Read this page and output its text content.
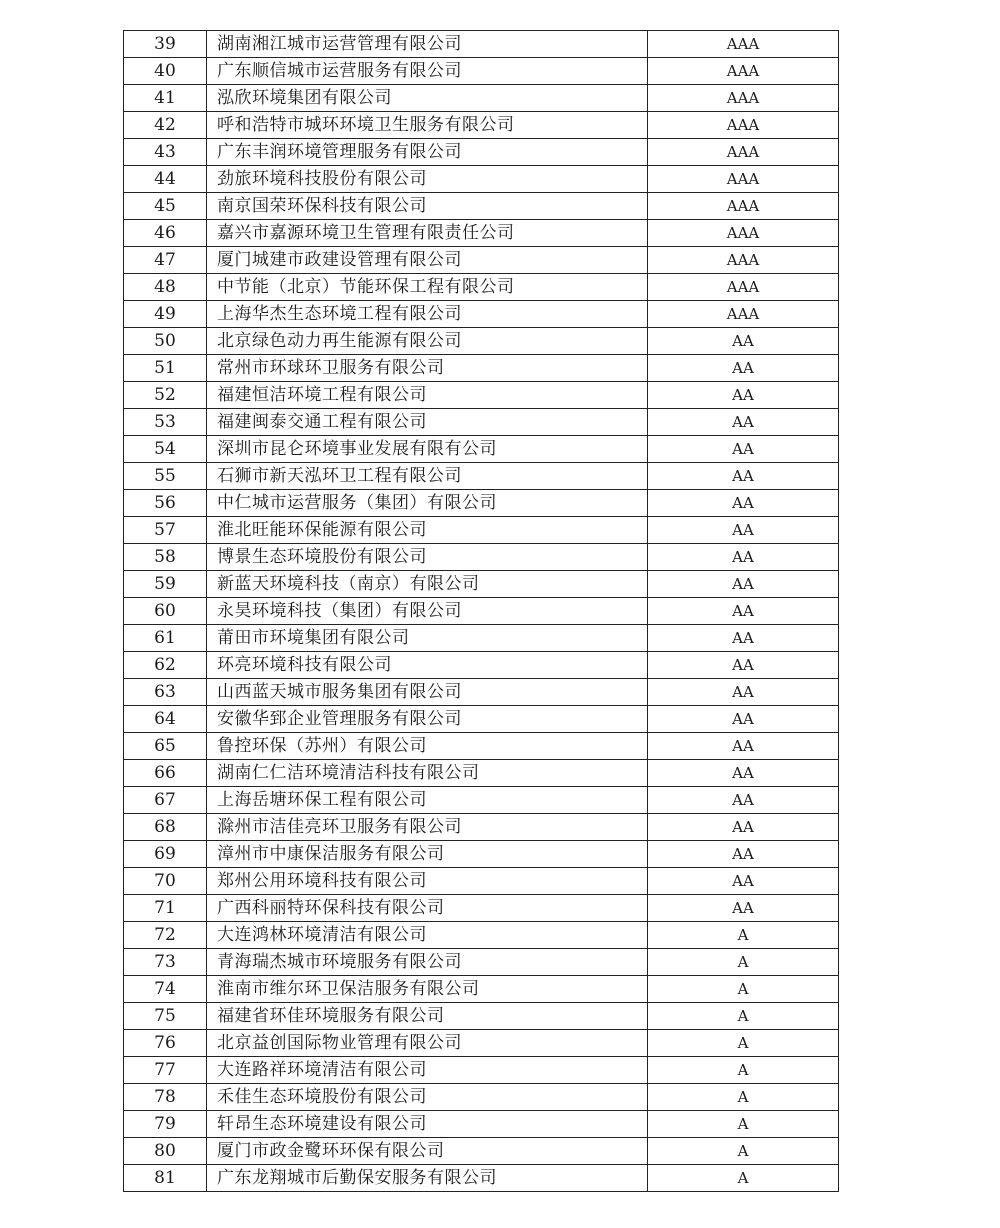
39	湖南湘江城市运营管理有限公司	AAA
40	广东顺信城市运营服务有限公司	AAA
41	泓欣环境集团有限公司	AAA
42	呼和浩特市城环环境卫生服务有限公司	AAA
43	广东丰润环境管理服务有限公司	AAA
44	劲旅环境科技股份有限公司	AAA
45	南京国荣环保科技有限公司	AAA
46	嘉兴市嘉源环境卫生管理有限责任公司	AAA
47	厦门城建市政建设管理有限公司	AAA
48	中节能（北京）节能环保工程有限公司	AAA
49	上海华杰生态环境工程有限公司	AAA
50	北京绿色动力再生能源有限公司	AA
51	常州市环球环卫服务有限公司	AA
52	福建恒洁环境工程有限公司	AA
53	福建闽泰交通工程有限公司	AA
54	深圳市昆仑环境事业发展有限有公司	AA
55	石狮市新天泓环卫工程有限公司	AA
56	中仁城市运营服务（集团）有限公司	AA
57	淮北旺能环保能源有限公司	AA
58	博景生态环境股份有限公司	AA
59	新蓝天环境科技（南京）有限公司	AA
60	永昊环境科技（集团）有限公司	AA
61	莆田市环境集团有限公司	AA
62	环亮环境科技有限公司	AA
63	山西蓝天城市服务集团有限公司	AA
64	安徽华郅企业管理服务有限公司	AA
65	鲁控环保（苏州）有限公司	AA
66	湖南仁仁洁环境清洁科技有限公司	AA
67	上海岳塘环保工程有限公司	AA
68	滁州市洁佳亮环卫服务有限公司	AA
69	漳州市中康保洁服务有限公司	AA
70	郑州公用环境科技有限公司	AA
71	广西科丽特环保科技有限公司	AA
72	大连鸿林环境清洁有限公司	A
73	青海瑞杰城市环境服务有限公司	A
74	淮南市维尔环卫保洁服务有限公司	A
75	福建省环佳环境服务有限公司	A
76	北京益创国际物业管理有限公司	A
77	大连路祥环境清洁有限公司	A
78	禾佳生态环境股份有限公司	A
79	轩昂生态环境建设有限公司	A
80	厦门市政金鹭环环保有限公司	A
81	广东龙翔城市后勤保安服务有限公司	A
